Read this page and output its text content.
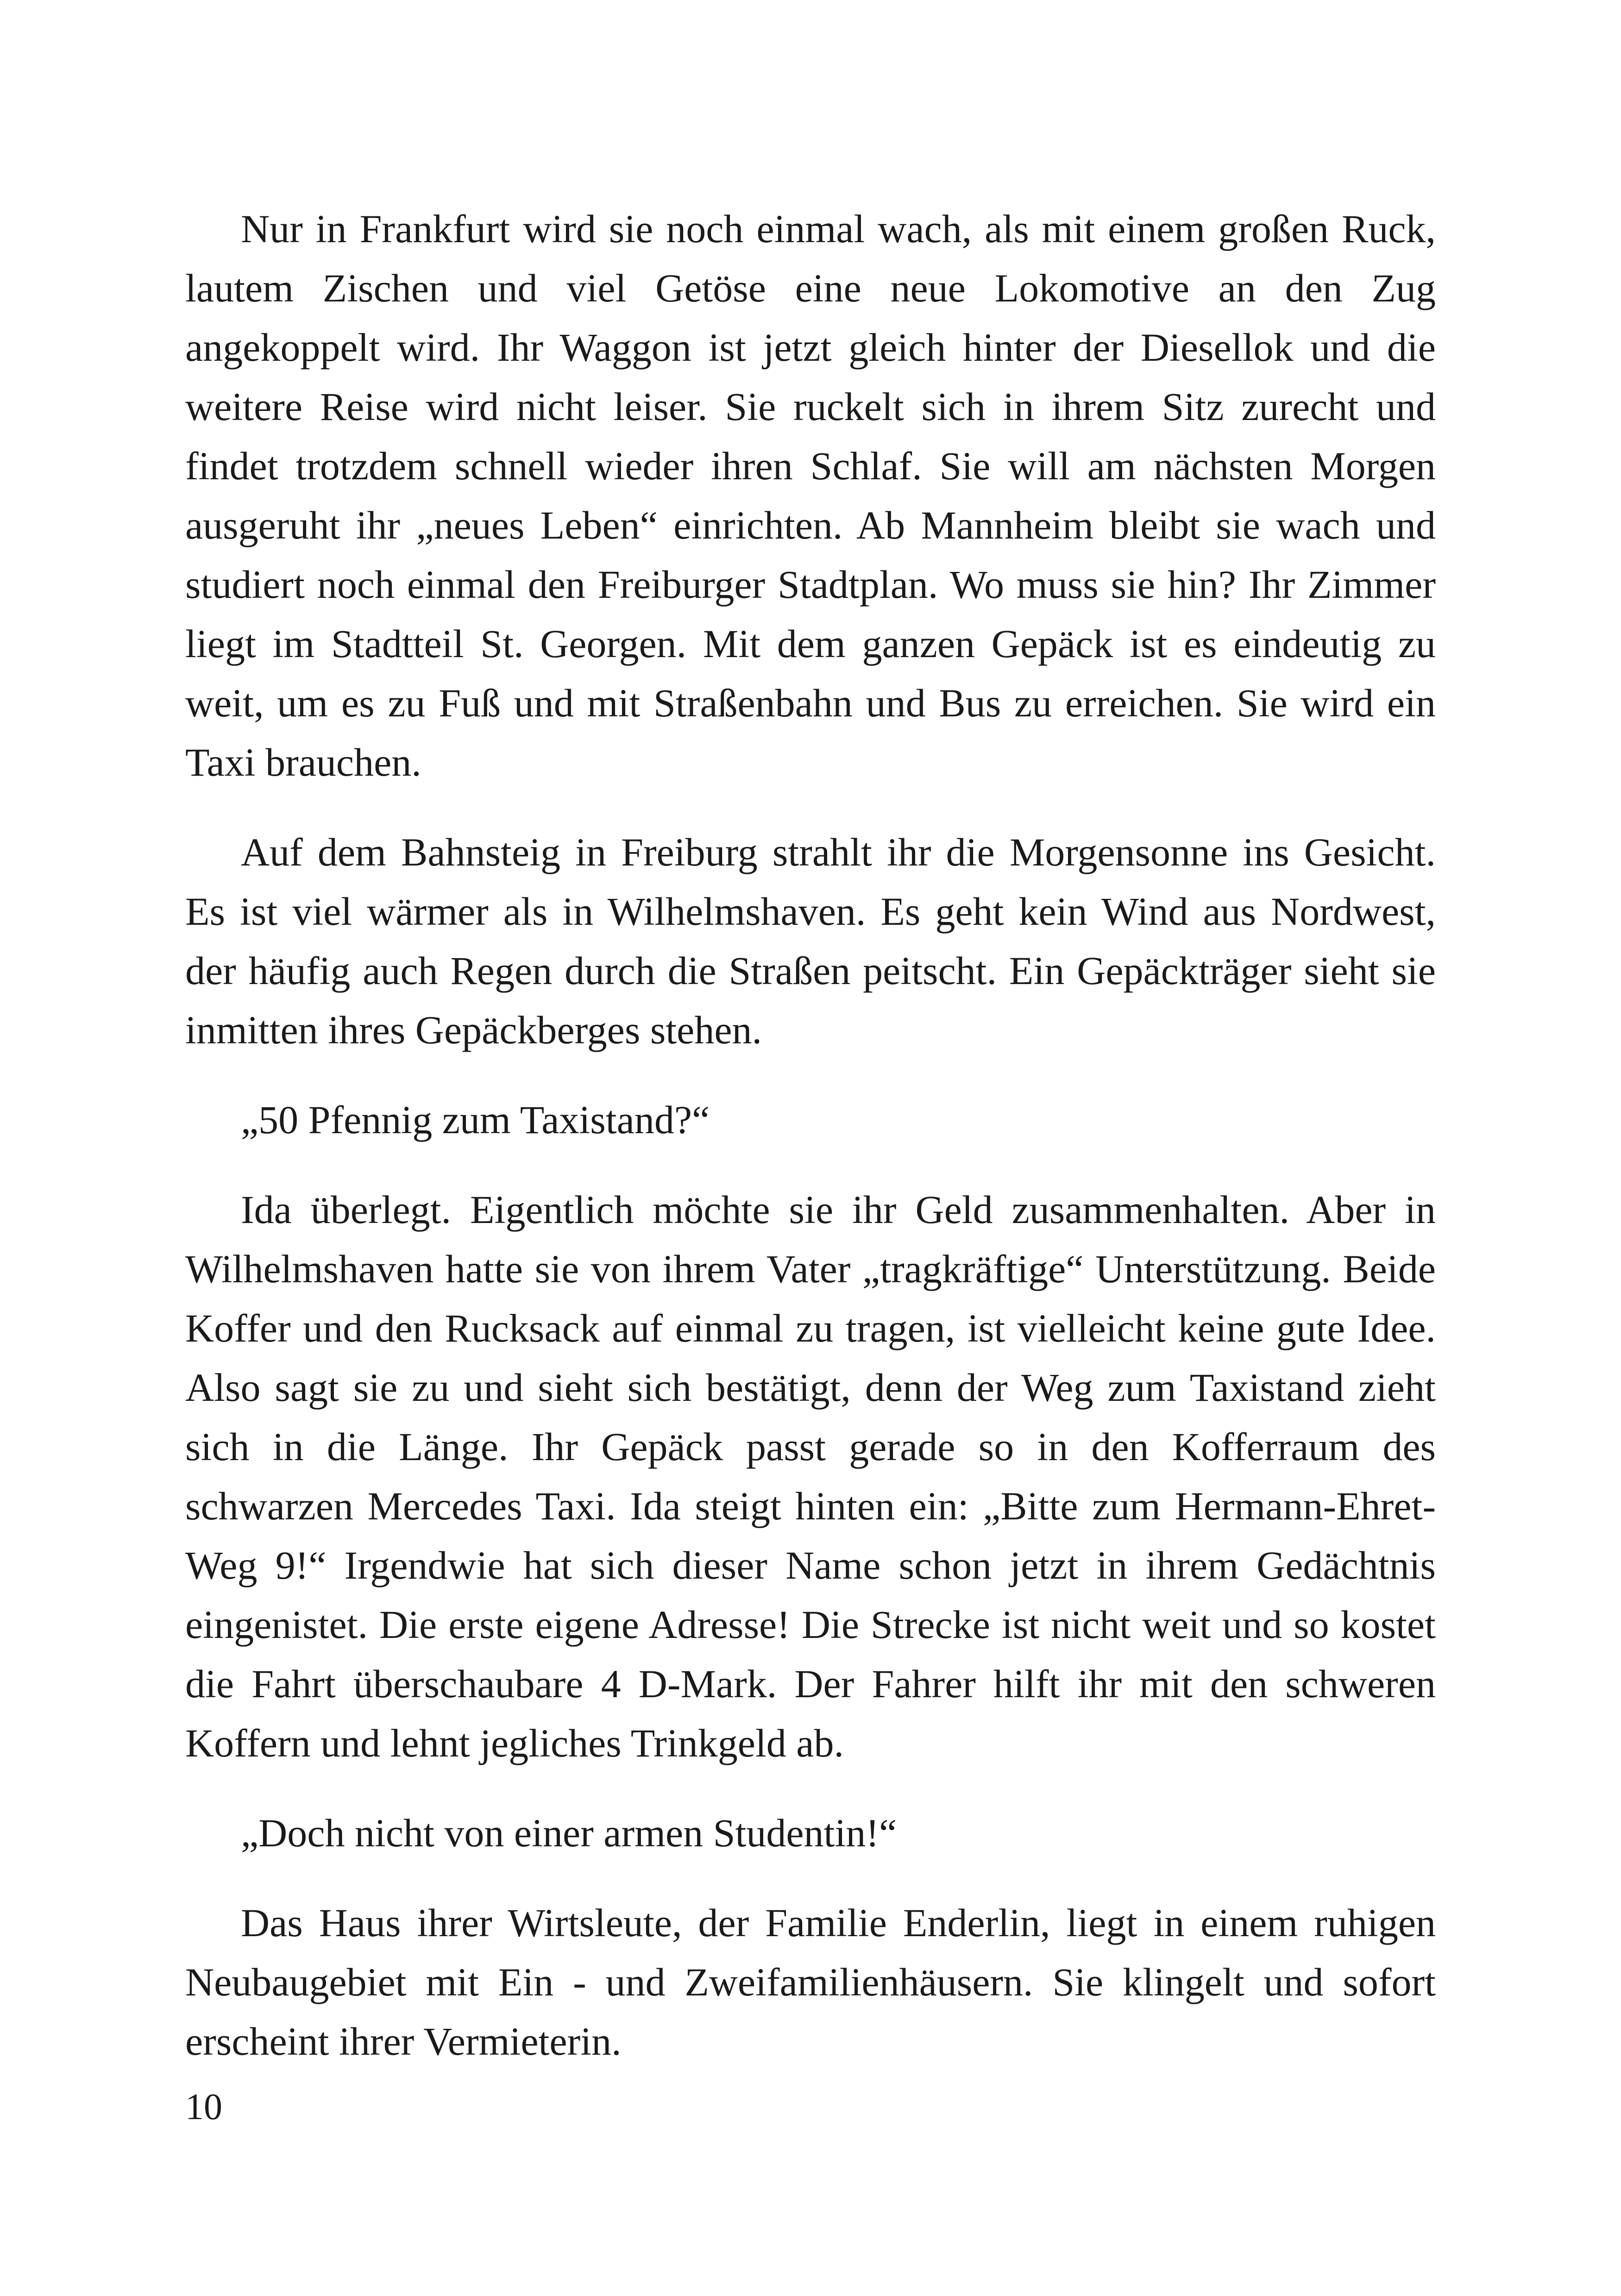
Nur in Frankfurt wird sie noch einmal wach, als mit einem großen Ruck, lautem Zischen und viel Getöse eine neue Lokomotive an den Zug angekoppelt wird. Ihr Waggon ist jetzt gleich hinter der Diesellok und die weitere Reise wird nicht leiser. Sie ruckelt sich in ihrem Sitz zurecht und findet trotzdem schnell wieder ihren Schlaf. Sie will am nächsten Morgen ausgeruht ihr „neues Leben“ einrichten. Ab Mannheim bleibt sie wach und studiert noch einmal den Freiburger Stadtplan. Wo muss sie hin? Ihr Zimmer liegt im Stadtteil St. Georgen. Mit dem ganzen Gepäck ist es eindeutig zu weit, um es zu Fuß und mit Straßenbahn und Bus zu erreichen. Sie wird ein Taxi brauchen.

Auf dem Bahnsteig in Freiburg strahlt ihr die Morgensonne ins Gesicht. Es ist viel wärmer als in Wilhelmshaven. Es geht kein Wind aus Nordwest, der häufig auch Regen durch die Straßen peitscht. Ein Gepäckträger sieht sie inmitten ihres Gepäckberges stehen.

„50 Pfennig zum Taxistand?“

Ida überlegt. Eigentlich möchte sie ihr Geld zusammenhalten. Aber in Wilhelmshaven hatte sie von ihrem Vater „tragkräftige“ Unterstützung. Beide Koffer und den Rucksack auf einmal zu tragen, ist vielleicht keine gute Idee. Also sagt sie zu und sieht sich bestätigt, denn der Weg zum Taxistand zieht sich in die Länge. Ihr Gepäck passt gerade so in den Kofferraum des schwarzen Mercedes Taxi. Ida steigt hinten ein: „Bitte zum Hermann-Ehret-Weg 9!“ Irgendwie hat sich dieser Name schon jetzt in ihrem Gedächtnis eingenistet. Die erste eigene Adresse! Die Strecke ist nicht weit und so kostet die Fahrt überschaubare 4 D-Mark. Der Fahrer hilft ihr mit den schweren Koffern und lehnt jegliches Trinkgeld ab.

„Doch nicht von einer armen Studentin!“

Das Haus ihrer Wirtsleute, der Familie Enderlin, liegt in einem ruhigen Neubaugebiet mit Ein - und Zweifamilienhäusern. Sie klingelt und sofort erscheint ihrer Vermieterin.

10
